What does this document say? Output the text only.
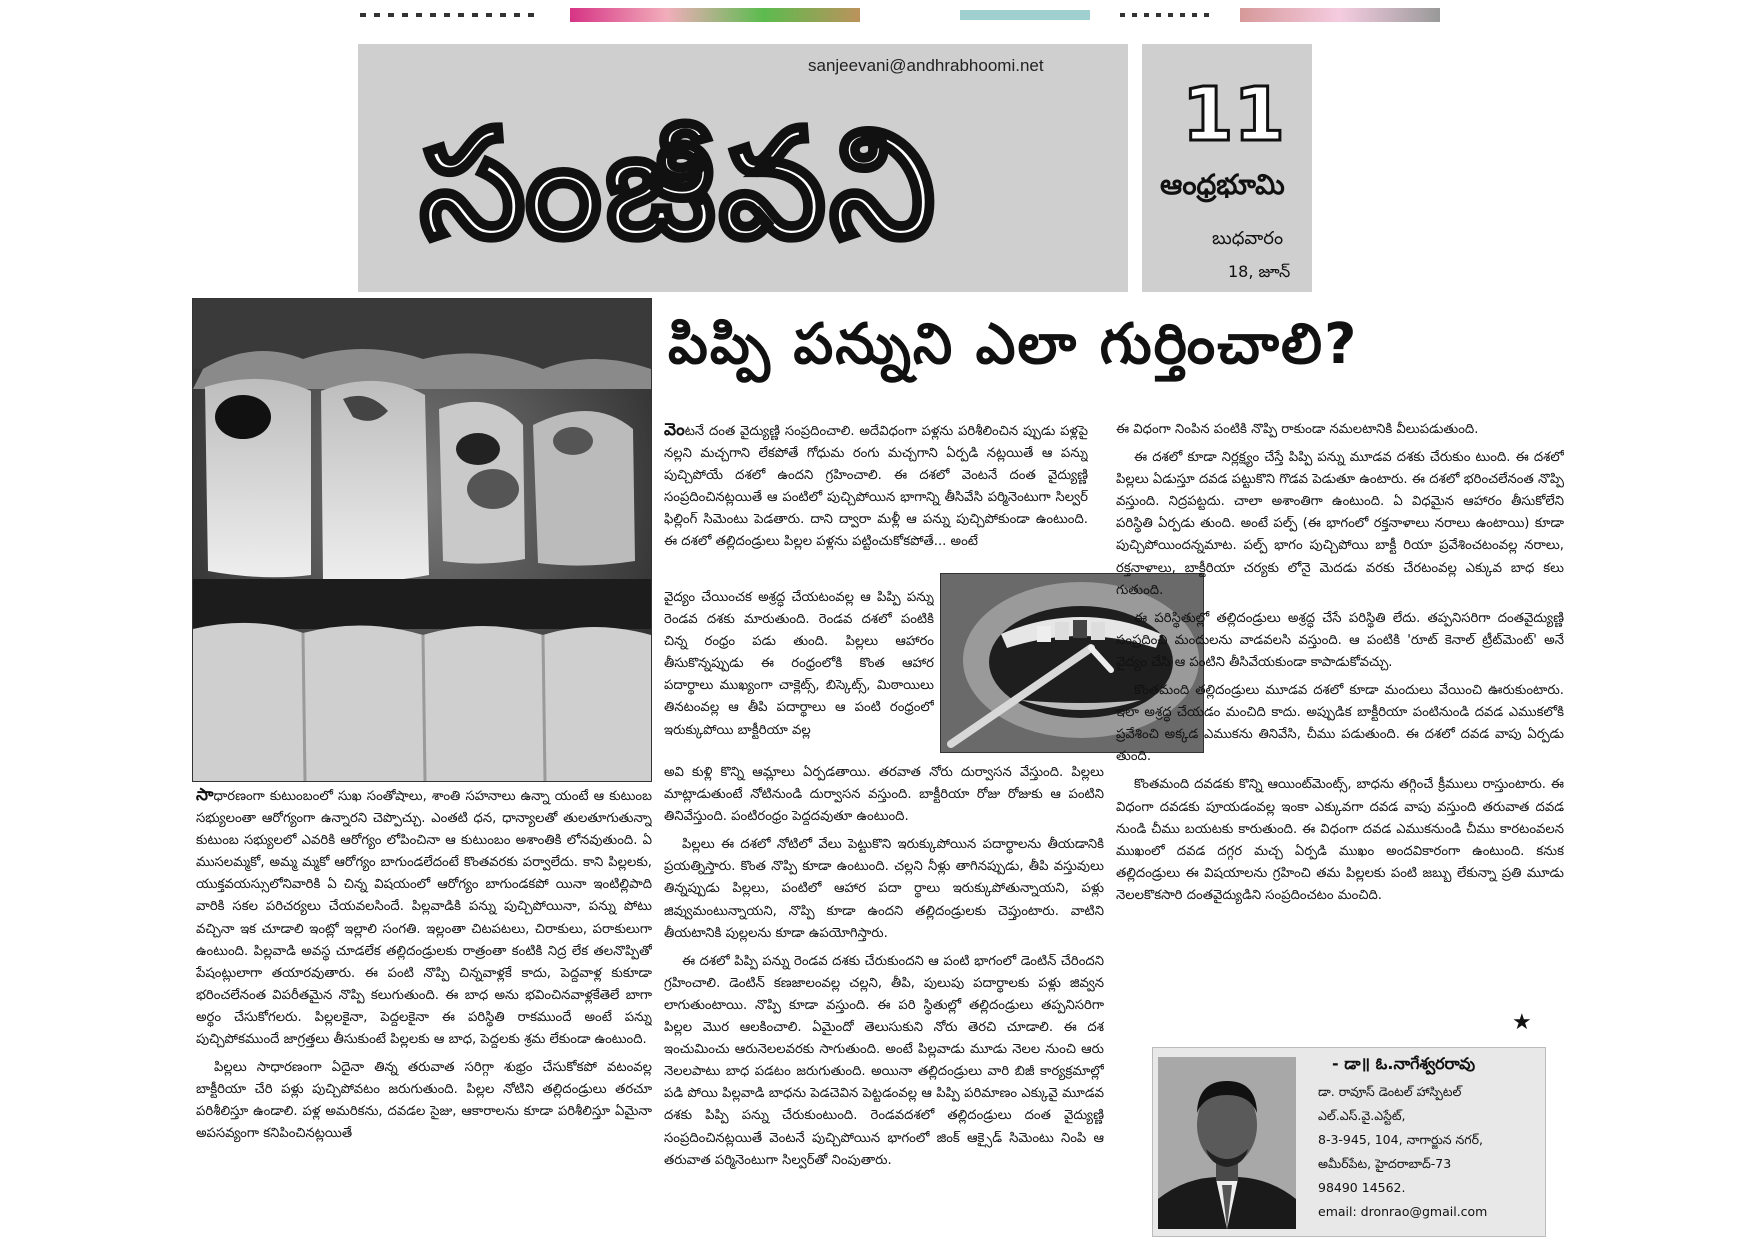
sanjeevani@andhrabhoomi.net
సంజీవని	11
ఆంధ్రభూమి
బుధవారం
18, జూన్
పిప్పి పన్నుని ఎలా గుర్తించాలి?

సాధారణంగా కుటుంబంలో సుఖ సంతోషాలు, శాంతి సహనాలు ఉన్నా యంటే ఆ కుటుంబ సభ్యులంతా ఆరోగ్యంగా ఉన్నారని చెప్పొచ్చు. ఎంతటి ధన, ధాన్యాలతో తులతూగుతున్నా కుటుంబ సభ్యులలో ఎవరికి ఆరోగ్యం లోపించినా ఆ కుటుంబం అశాంతికి లోనవుతుంది. ఏ ముసలమ్మకో, అమ్మ మ్మకో ఆరోగ్యం బాగుండలేదంటే కొంతవరకు పర్వాలేదు. కాని పిల్లలకు, యుక్తవయస్సులోనివారికి ఏ చిన్న విషయంలో ఆరోగ్యం బాగుండకపో యినా ఇంటిల్లిపాది వారికి సకల పరిచర్యలు చేయవలసిందే. పిల్లవాడికి పన్ను పుచ్చిపోయినా, పన్ను పోటు వచ్చినా ఇక చూడాలి ఇంట్లో ఇల్లాలి సంగతి. ఇల్లంతా చిటపటలు, చిరాకులు, పరాకులుగా ఉంటుంది. పిల్లవాడి అవస్థ చూడలేక తల్లిదండ్రులకు రాత్రంతా కంటికి నిద్ర లేక తలనొప్పితో పేషంట్లులాగా తయారవుతారు. ఈ పంటి నొప్పి చిన్నవాళ్లకే కాదు, పెద్దవాళ్ల కుకూడా భరించలేనంత విపరీతమైన నొప్పి కలుగుతుంది. ఈ బాధ అను భవించినవాళ్లకేతెలే బాగా అర్థం చేసుకోగలరు. పిల్లలకైనా, పెద్దలకైనా ఈ పరిస్థితి రాకముందే అంటే పన్ను పుచ్చిపోకముందే జాగ్రత్తలు తీసుకుంటే పిల్లలకు ఆ బాధ, పెద్దలకు శ్రమ లేకుండా ఉంటుంది.

పిల్లలు సాధారణంగా ఏదైనా తిన్న తరువాత సరిగ్గా శుభ్రం చేసుకోకపో వటంవల్ల బాక్టీరియా చేరి పళ్లు పుచ్చిపోవటం జరుగుతుంది. పిల్లల నోటిని తల్లిదండ్రులు తరచూ పరిశీలిస్తూ ఉండాలి. పళ్ల అమరికను, దవడల సైజు, ఆకారాలను కూడా పరిశీలిస్తూ ఏమైనా అపసవ్యంగా కనిపించినట్లయితే

వెంటనే దంత వైద్యుణ్ణి సంప్రదించాలి. అదేవిధంగా పళ్లను పరిశీలించిన ప్పుడు పళ్లపై నల్లని మచ్చగాని లేకపోతే గోధుమ రంగు మచ్చగాని ఏర్పడి నట్లయితే ఆ పన్ను పుచ్చిపోయే దశలో ఉందని గ్రహించాలి. ఈ దశలో వెంటనే దంత వైద్యుణ్ణి సంప్రదించినట్లయితే ఆ పంటిలో పుచ్చిపోయిన భాగాన్ని తీసివేసి పర్మినెంటుగా సిల్వర్ ఫిల్లింగ్ సిమెంటు పెడతారు. దాని ద్వారా మళ్లీ ఆ పన్ను పుచ్చిపోకుండా ఉంటుంది. ఈ దశలో తల్లిదండ్రులు పిల్లల పళ్లను పట్టించుకోకపోతే... అంటే

వైద్యం చేయించక అశ్రద్ధ చేయటంవల్ల ఆ పిప్పి పన్ను రెండవ దశకు మారుతుంది. రెండవ దశలో పంటికి చిన్న రంధ్రం పడు తుంది. పిల్లలు ఆహారం తీసుకొన్నప్పుడు ఈ రంధ్రంలోకి కొంత ఆహార పదార్థాలు ముఖ్యంగా చాక్లెట్స్, బిస్కెట్స్, మిఠాయిలు తినటంవల్ల ఆ తీపి పదార్థాలు ఆ పంటి రంధ్రంలో ఇరుక్కుపోయి బాక్టీరియా వల్ల

అవి కుళ్లి కొన్ని ఆమ్లాలు ఏర్పడతాయి. తరవాత నోరు దుర్వాసన వేస్తుంది. పిల్లలు మాట్లాడుతుంటే నోటినుండి దుర్వాసన వస్తుంది. బాక్టీరియా రోజు రోజుకు ఆ పంటిని తినివేస్తుంది. పంటిరంధ్రం పెద్దదవుతూ ఉంటుంది.

పిల్లలు ఈ దశలో నోటిలో వేలు పెట్టుకొని ఇరుక్కుపోయిన పదార్థాలను తీయడానికి ప్రయత్నిస్తారు. కొంత నొప్పి కూడా ఉంటుంది. చల్లని నీళ్లు తాగినప్పుడు, తీపి వస్తువులు తిన్నప్పుడు పిల్లలు, పంటిలో ఆహార పదా ర్థాలు ఇరుక్కుపోతున్నాయని, పళ్లు జివ్వుమంటున్నాయని, నొప్పి కూడా ఉందని తల్లిదండ్రులకు చెప్తుంటారు. వాటిని తీయటానికి పుల్లలను కూడా ఉపయోగిస్తారు.

ఈ దశలో పిప్పి పన్ను రెండవ దశకు చేరుకుందని ఆ పంటి భాగంలో డెంటిన్ చేరిందని గ్రహించాలి. డెంటిన్ కణజాలంవల్ల చల్లని, తీపి, పులుపు పదార్థాలకు పళ్లు జివ్వన లాగుతుంటాయి. నొప్పి కూడా వస్తుంది. ఈ పరి స్థితుల్లో తల్లిదండ్రులు తప్పనిసరిగా పిల్లల మొర ఆలకించాలి. ఏమైందో తెలుసుకుని నోరు తెరచి చూడాలి. ఈ దశ ఇంచుమించు ఆరునెలలవరకు సాగుతుంది. అంటే పిల్లవాడు మూడు నెలల నుంచి ఆరు నెలలపాటు బాధ పడటం జరుగుతుంది. అయినా తల్లిదండ్రులు వారి బిజీ కార్యక్రమాల్లో పడి పోయి పిల్లవాడి బాధను పెడచెవిన పెట్టడంవల్ల ఆ పిప్పి పరిమాణం ఎక్కువై మూడవ దశకు పిప్పి పన్ను చేరుకుంటుంది. రెండవదశలో తల్లిదండ్రులు దంత వైద్యుణ్ణి సంప్రదించినట్లయితే వెంటనే పుచ్చిపోయిన భాగంలో జింక్ ఆక్సైడ్ సిమెంటు నింపి ఆ తరువాత పర్మినెంటుగా సిల్వర్‌తో నింపుతారు.

ఈ విధంగా నింపిన పంటికి నొప్పి రాకుండా నమలటానికి వీలుపడుతుంది.

ఈ దశలో కూడా నిర్లక్ష్యం చేస్తే పిప్పి పన్ను మూడవ దశకు చేరుకుం టుంది. ఈ దశలో పిల్లలు ఏడుస్తూ దవడ పట్టుకొని గొడవ పెడుతూ ఉంటారు. ఈ దశలో భరించలేనంత నొప్పి వస్తుంది. నిద్రపట్టదు. చాలా అశాంతిగా ఉంటుంది. ఏ విధమైన ఆహారం తీసుకోలేని పరిస్థితి ఏర్పడు తుంది. అంటే పల్ప్ (ఈ భాగంలో రక్తనాళాలు నరాలు ఉంటాయి) కూడా పుచ్చిపోయిందన్నమాట. పల్ప్ భాగం పుచ్చిపోయి బాక్టీ రియా ప్రవేశించటంవల్ల నరాలు, రక్తనాళాలు, బాక్టీరియా చర్యకు లోనై మెదడు వరకు చేరటంవల్ల ఎక్కువ బాధ కలు గుతుంది.

ఈ పరిస్థితుల్లో తల్లిదండ్రులు అశ్రద్ధ చేసే పరిస్థితి లేదు. తప్పనిసరిగా దంతవైద్యుణ్ణి సంప్రదించి మందులను వాడవలసి వస్తుంది. ఆ పంటికి 'రూట్ కెనాల్ ట్రీట్‌మెంట్' అనే వైద్యం చేసి ఆ పంటిని తీసివేయకుండా కాపాడుకోవచ్చు.

కొంతమంది తల్లిదండ్రులు మూడవ దశలో కూడా మందులు వేయించి ఊరుకుంటారు. ఇలా అశ్రద్ధ చేయడం మంచిది కాదు. అప్పుడిక బాక్టీరియా పంటినుండి దవడ ఎముకలోకి ప్రవేశించి అక్కడ ఎముకను తినివేసి, చీము పడుతుంది. ఈ దశలో దవడ వాపు ఏర్పడు తుంది.

కొంతమంది దవడకు కొన్ని ఆయింట్‌మెంట్స్, బాధను తగ్గించే క్రీములు రాస్తుంటారు. ఈ విధంగా దవడకు పూయడంవల్ల ఇంకా ఎక్కువగా దవడ వాపు వస్తుంది తరువాత దవడ నుండి చీము బయటకు కారుతుంది. ఈ విధంగా దవడ ఎముకనుండి చీము కారటంవలన ముఖంలో దవడ దగ్గర మచ్చ ఏర్పడి ముఖం అందవికారంగా ఉంటుంది. కనుక తల్లిదండ్రులు ఈ విషయాలను గ్రహించి తమ పిల్లలకు పంటి జబ్బు లేకున్నా ప్రతి మూడు నెలలకొకసారి దంతవైద్యుడిని సంప్రదించటం మంచిది.

★
- డా॥ ఓ.నాగేశ్వరరావు
డా. రావూస్ డెంటల్ హాస్పిటల్
ఎల్.ఎస్.వై.ఎస్టేట్,
8-3-945, 104, నాగార్జున నగర్,
అమీర్‌పేట, హైదరాబాద్-73
98490 14562.
email: dronrao@gmail.com
